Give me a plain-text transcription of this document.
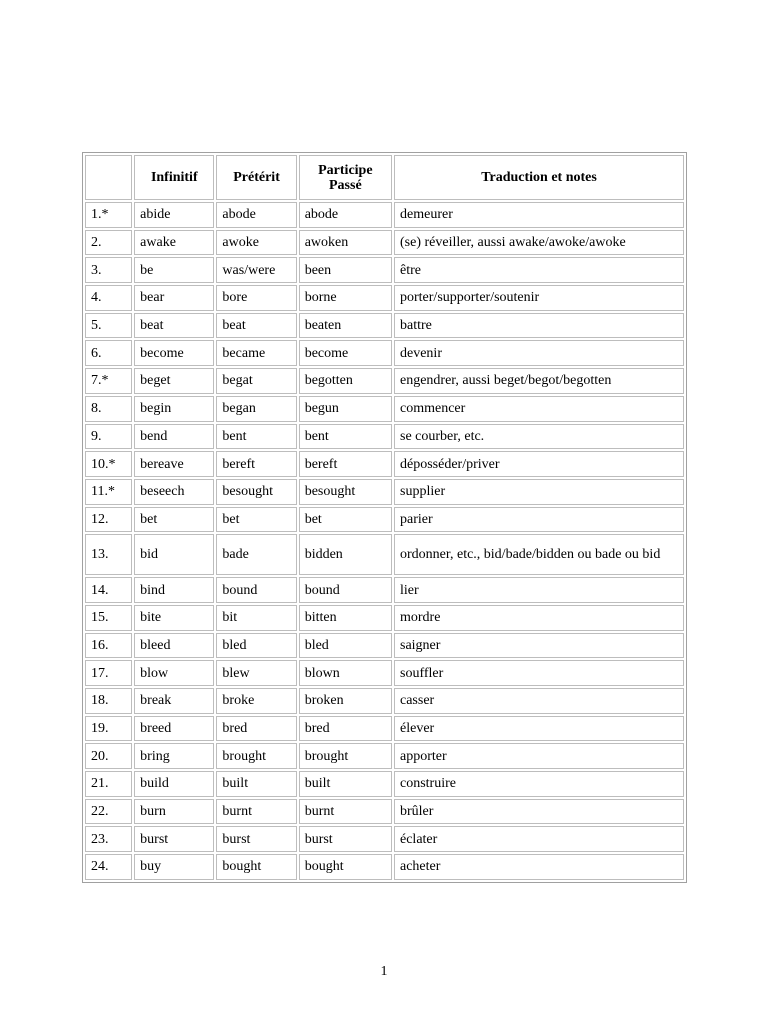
	Infinitif	Prétérit	Participe Passé	Traduction et notes
1.*	abide	abode	abode	demeurer
2.	awake	awoke	awoken	(se) réveiller, aussi awake/awoke/awoke
3.	be	was/were	been	être
4.	bear	bore	borne	porter/supporter/soutenir
5.	beat	beat	beaten	battre
6.	become	became	become	devenir
7.*	beget	begat	begotten	engendrer, aussi beget/begot/begotten
8.	begin	began	begun	commencer
9.	bend	bent	bent	se courber, etc.
10.*	bereave	bereft	bereft	déposséder/priver
11.*	beseech	besought	besought	supplier
12.	bet	bet	bet	parier
13.	bid	bade	bidden	ordonner, etc., bid/bade/bidden ou bade ou bid
14.	bind	bound	bound	lier
15.	bite	bit	bitten	mordre
16.	bleed	bled	bled	saigner
17.	blow	blew	blown	souffler
18.	break	broke	broken	casser
19.	breed	bred	bred	élever
20.	bring	brought	brought	apporter
21.	build	built	built	construire
22.	burn	burnt	burnt	brûler
23.	burst	burst	burst	éclater
24.	buy	bought	bought	acheter
1
